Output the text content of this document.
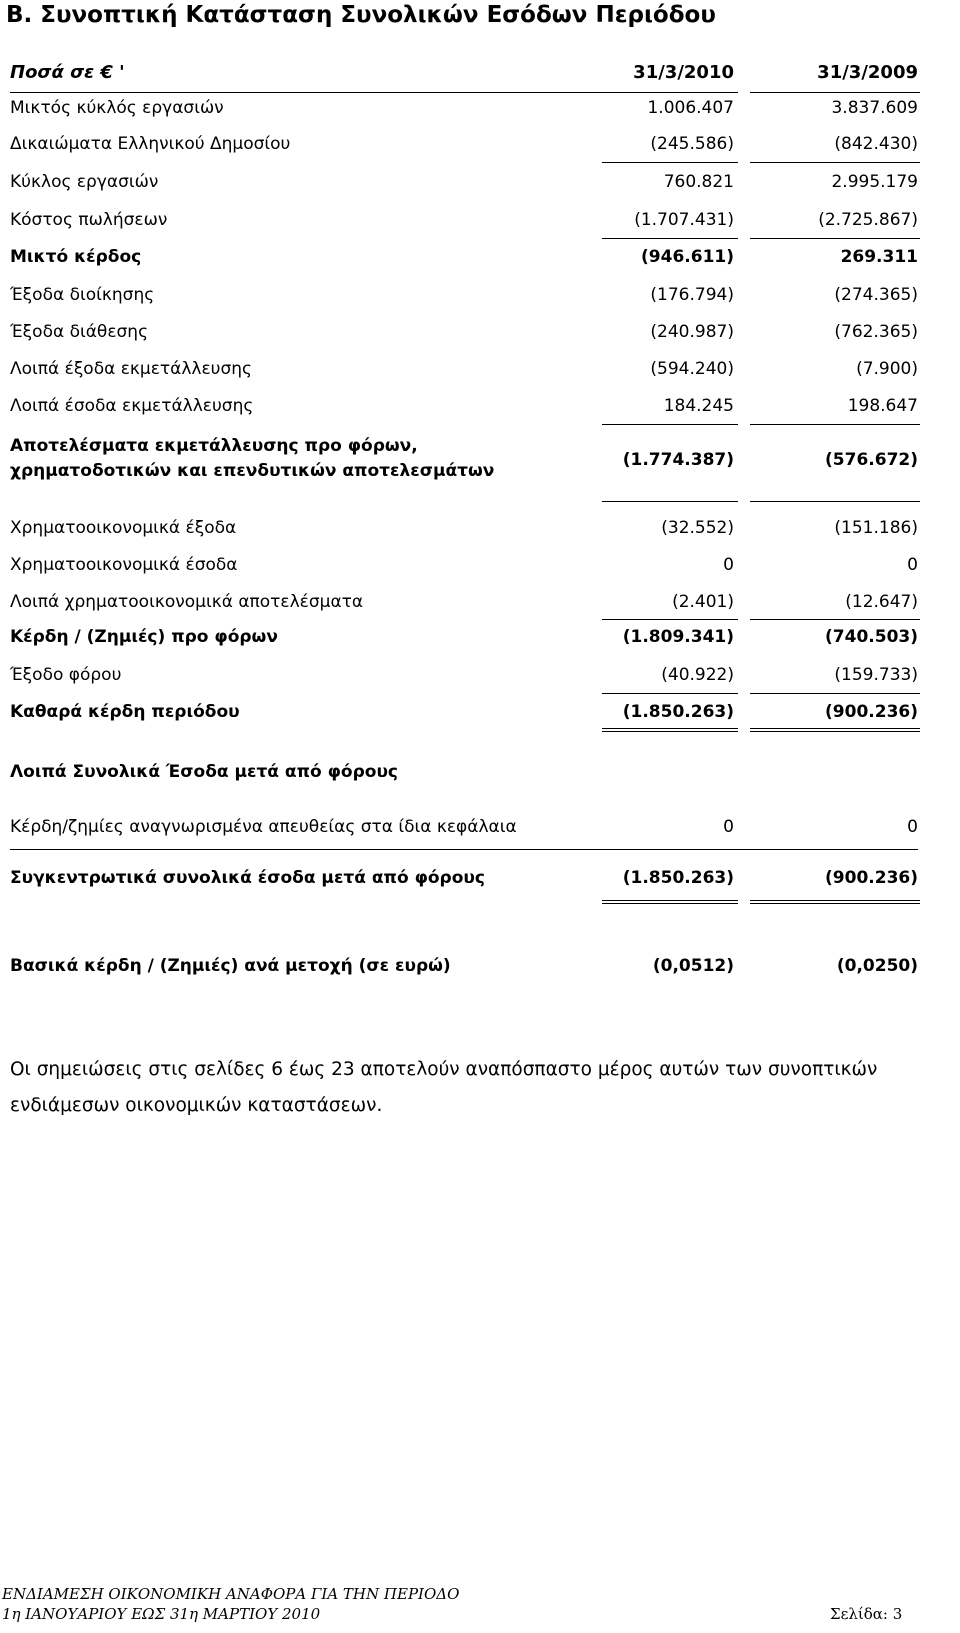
Β. Συνοπτική Κατάσταση Συνολικών Εσόδων Περιόδου
Ποσά σε € '	31/3/2010	31/3/2009
Μικτός κύκλός εργασιών	1.006.407	3.837.609
Δικαιώματα Ελληνικού Δημοσίου	(245.586)	(842.430)
Κύκλος εργασιών	760.821	2.995.179
Κόστος πωλήσεων	(1.707.431)	(2.725.867)
Μικτό κέρδος	(946.611)	269.311
Έξοδα διοίκησης	(176.794)	(274.365)
Έξοδα διάθεσης	(240.987)	(762.365)
Λοιπά έξοδα εκμετάλλευσης	(594.240)	(7.900)
Λοιπά έσοδα εκμετάλλευσης	184.245	198.647
Αποτελέσματα εκμετάλλευσης προ φόρων,
χρηματοδοτικών και επενδυτικών αποτελεσμάτων
(1.774.387)	(576.672)
Χρηματοοικονομικά έξοδα	(32.552)	(151.186)
Χρηματοοικονομικά έσοδα	0	0
Λοιπά χρηματοοικονομικά αποτελέσματα	(2.401)	(12.647)
Κέρδη / (Ζημιές) προ φόρων	(1.809.341)	(740.503)
Έξοδο φόρου	(40.922)	(159.733)
Καθαρά κέρδη περιόδου	(1.850.263)	(900.236)
Λοιπά Συνολικά Έσοδα μετά από φόρους
Κέρδη/ζημίες αναγνωρισμένα απευθείας στα ίδια κεφάλαια	0	0
Συγκεντρωτικά συνολικά έσοδα μετά από φόρους	(1.850.263)	(900.236)
Βασικά κέρδη / (Ζημιές) ανά μετοχή (σε ευρώ)	(0,0512)	(0,0250)
Οι σημειώσεις στις σελίδες 6 έως 23 αποτελούν αναπόσπαστο μέρος αυτών των συνοπτικών ενδιάμεσων οικονομικών καταστάσεων.
ΕΝΔΙΑΜΕΣΗ ΟΙΚΟΝΟΜΙΚΗ ΑΝΑΦΟΡΑ ΓΙΑ ΤΗΝ ΠΕΡΙΟΔΟ
1η ΙΑΝΟΥΑΡΙΟΥ ΕΩΣ 31η ΜΑΡΤΙΟΥ 2010	Σελίδα: 3
